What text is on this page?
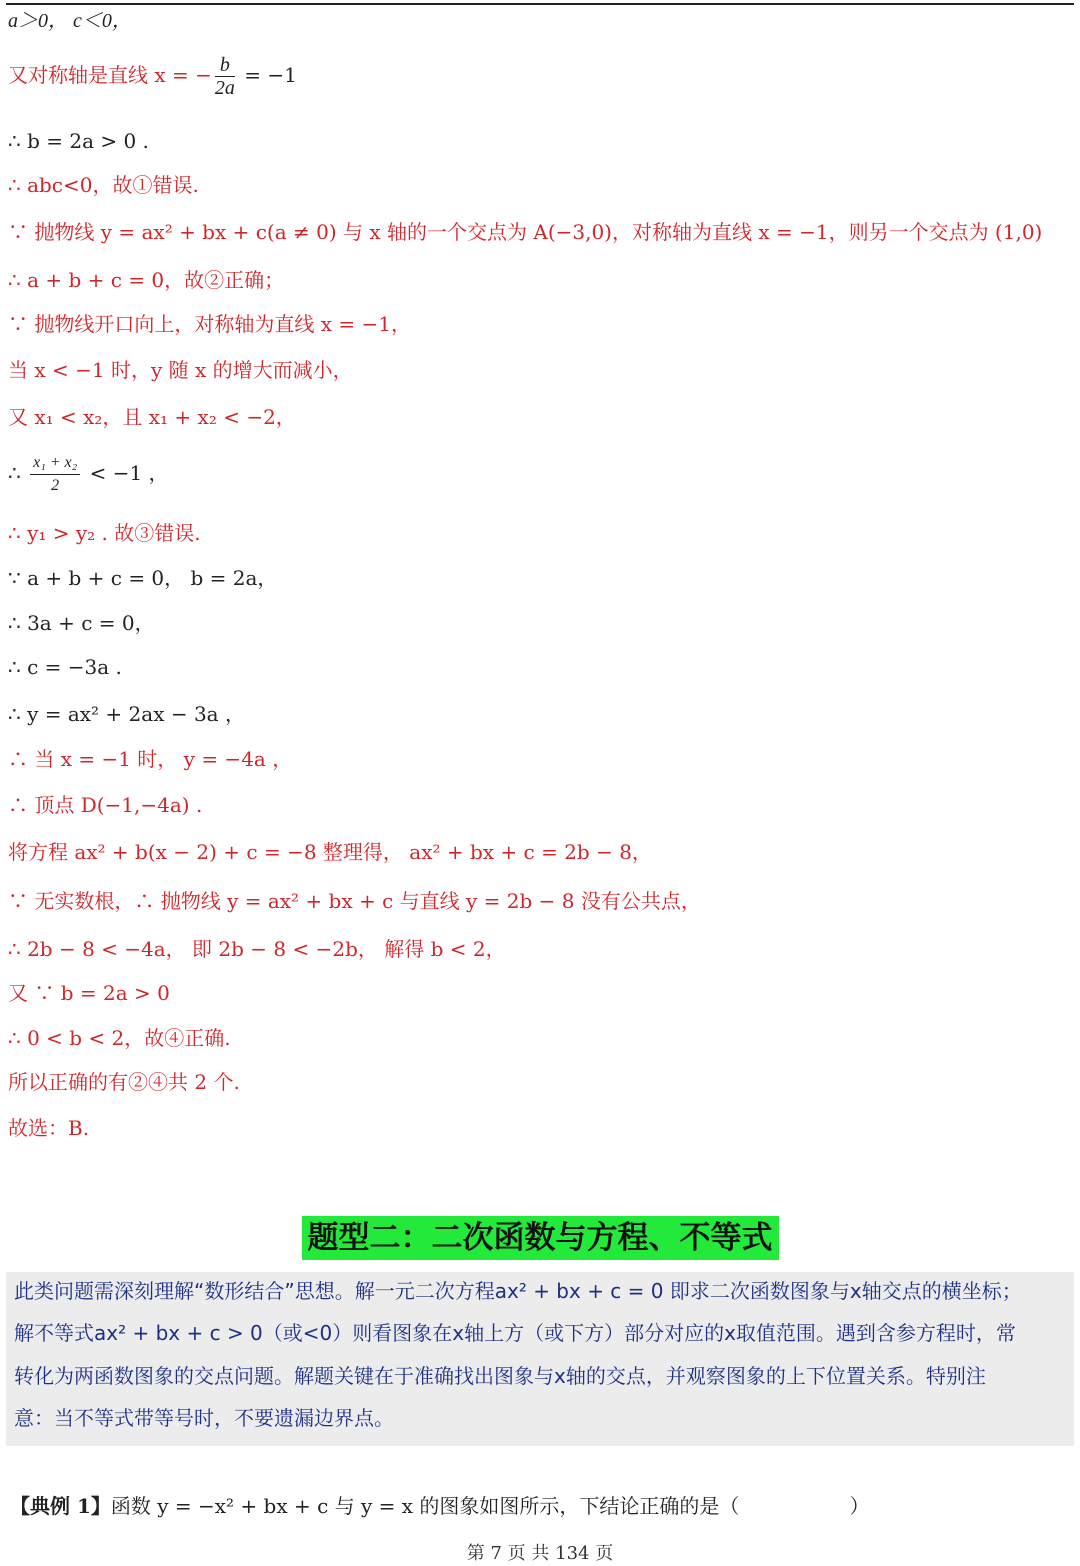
a＞0， c＜0，
又对称轴是直线 x = − $\frac{b}{2a} = -1$
∴ b = 2a > 0 .
∴ abc<0，故①错误.
∵ 抛物线 y = ax² + bx + c(a ≠ 0) 与 x 轴的一个交点为 A(−3,0)，对称轴为直线 x = −1，则另一个交点为 (1,0)
∴ a + b + c = 0，故②正确；
∵ 抛物线开口向上，对称轴为直线 x = −1，
当 x < −1 时，y 随 x 的增大而减小，
又 x₁ < x₂，且 x₁ + x₂ < −2，
∴ $\frac{\text{x₁ + x₂}}{2} < -1$ ，
∴ y₁ > y₂ . 故③错误.
∵ a + b + c = 0， b = 2a，
∴ 3a + c = 0，
∴ c = −3a .
∴ y = ax² + 2ax − 3a ，
∴ 当 x = −1 时， y = −4a ，
∴ 顶点 D(−1,−4a) .
将方程 ax² + b(x − 2) + c = −8 整理得， ax² + bx + c = 2b − 8，
∵ 无实数根，∴ 抛物线 y = ax² + bx + c 与直线 y = 2b − 8 没有公共点，
∴ 2b − 8 < −4a， 即 2b − 8 < −2b， 解得 b < 2，
又 ∵ b = 2a > 0
∴ 0 < b < 2，故④正确.
所以正确的有②④共 2 个.
故选：B.
题型二：二次函数与方程、不等式
此类问题需深刻理解“数形结合”思想。解一元二次方程ax² + bx + c = 0 即求二次函数图象与x轴交点的横坐标；
解不等式ax² + bx + c > 0（或<0）则看图象在x轴上方（或下方）部分对应的x取值范围。遇到含参方程时，常
转化为两函数图象的交点问题。解题关键在于准确找出图象与x轴的交点，并观察图象的上下位置关系。特别注
意：当不等式带等号时，不要遗漏边界点。
【典例 1】函数 y = −x² + bx + c 与 y = x 的图象如图所示，下结论正确的是（	）
第 7 页 共 134 页
